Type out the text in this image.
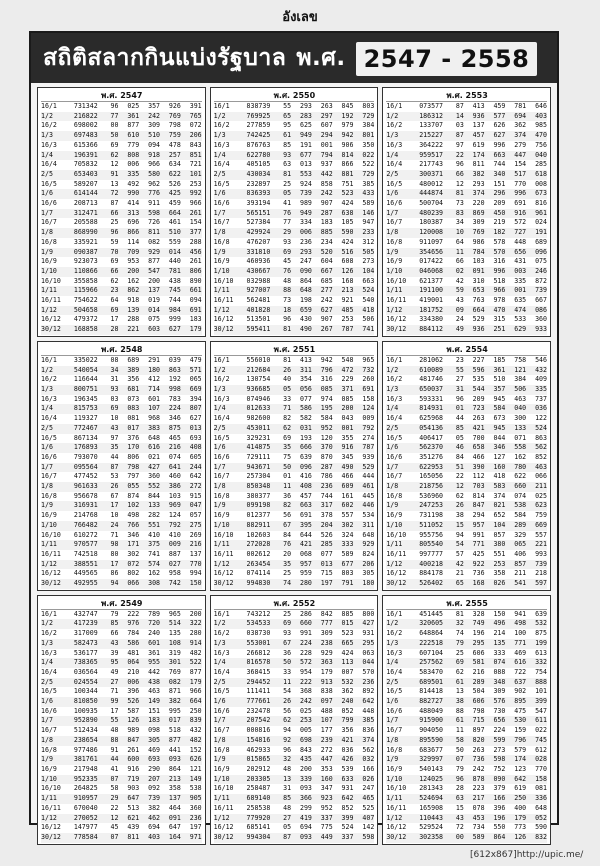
อังเลข
สถิติสลากกินแบ่งรัฐบาล พ.ศ. 2547 - 2558
พ.ศ. 2547
16/1	731342	96	025	357	926	391
1/2	216822	77	361	242	769	765
16/2	698002	00	877	309	798	072
1/3	697483	50	610	510	759	206
16/3	615366	69	779	094	478	843
1/4	196391	62	808	918	257	851
16/4	705832	12	006	966	634	721
2/5	653403	91	335	580	622	101
16/5	589207	13	492	962	526	253
1/6	614144	72	990	776	425	992
16/6	208713	87	414	911	459	966
1/7	312471	66	313	598	664	261
16/7	205588	25	696	726	461	154
1/8	868990	96	866	811	510	377
16/8	335921	59	114	082	559	288
1/9	090387	70	709	929	014	456
16/9	923073	69	953	877	440	261
1/10	110866	66	200	547	781	806
16/10	355858	62	162	200	438	890
1/11	115966	23	862	137	745	661
16/11	754622	64	918	019	744	094
1/12	504658	69	139	014	984	691
16/12	479372	17	288	075	999	183
30/12	168858	28	221	603	627	179
พ.ศ. 2550
16/1	838739	55	293	263	845	803
1/2	769925	65	283	297	192	729
16/2	277859	95	625	607	979	384
1/3	742425	61	949	294	942	801
16/3	876763	85	191	001	906	350
1/4	622780	93	677	794	814	022
16/4	405105	63	013	937	866	522
2/5	430034	81	553	442	881	729
16/5	232897	25	924	858	751	385
1/6	836393	05	739	242	523	433
16/6	393194	41	989	907	424	589
1/7	565151	76	949	287	638	146
16/7	527384	77	334	183	105	947
1/8	429924	29	006	885	590	233
16/8	476207	93	236	234	424	312
1/9	331810	69	293	520	516	505
16/9	460936	45	247	604	608	273
1/10	430667	76	090	667	126	104
16/10	032988	48	864	685	168	663
1/11	927007	88	648	277	213	524
16/11	562481	73	198	242	921	540
1/12	401828	18	659	627	485	418
16/12	513501	96	430	907	253	506
30/12	595411	81	490	267	787	741
พ.ศ. 2553
16/1	073577	87	413	459	781	646
1/2	186312	14	936	577	694	403
16/2	133707	03	137	626	362	985
1/3	215227	87	457	627	374	470
16/3	364222	97	619	996	279	756
1/4	959517	22	174	663	447	040
16/4	217743	96	811	744	154	285
2/5	300371	66	382	340	517	618
16/5	480012	12	293	151	770	008
1/6	444874	81	374	296	996	673
16/6	500704	73	220	209	691	816
1/7	480239	83	869	450	916	961
16/7	180387	34	309	219	572	024
1/8	120008	10	769	182	727	191
16/8	911097	64	986	578	448	689
1/9	354656	11	784	570	656	096
16/9	017422	66	103	316	431	075
1/10	046068	02	091	996	003	246
16/10	621377	42	310	518	335	872
1/11	191100	59	653	966	001	739
16/11	419001	43	763	978	635	667
1/12	181752	09	664	470	474	086
16/12	334380	24	529	315	533	360
30/12	884112	49	936	251	629	933
พ.ศ. 2548
16/1	335022	08	689	291	039	479
1/2	540054	34	389	180	863	571
16/2	116644	31	356	412	192	065
1/3	800751	93	681	714	998	669
16/3	196345	03	073	601	783	394
1/4	815753	69	083	107	224	807
16/4	119327	10	081	968	346	627
2/5	772467	43	017	383	875	013
16/5	867134	97	376	648	465	693
1/6	176893	35	170	616	216	408
16/6	793070	44	806	021	074	605
1/7	095564	87	798	427	641	244
16/7	477452	53	797	360	460	642
1/8	961633	26	055	552	386	272
16/8	956678	67	874	844	103	915
1/9	316931	17	102	133	969	047
16/9	214768	10	498	282	124	057
1/10	766482	24	766	551	792	275
16/10	610272	71	346	410	410	269
1/11	970577	98	171	375	009	216
16/11	742518	80	302	741	887	137
1/12	388551	17	072	574	027	770
16/12	449565	86	802	162	958	994
30/12	492955	94	066	308	742	150
พ.ศ. 2551
16/1	556010	81	413	942	548	965
1/2	212684	26	311	796	472	732
16/2	130754	40	354	316	229	260
1/3	936685	05	056	085	371	691
16/3	074946	33	077	974	085	158
1/4	012633	71	586	195	200	124
16/4	982600	82	582	584	043	009
2/5	453011	62	031	952	001	792
16/5	329231	69	193	120	355	274
1/6	414875	35	666	370	916	787
16/6	729111	75	639	870	345	939
1/7	943671	50	096	287	490	529
16/7	257304	01	416	786	466	444
1/8	850348	11	408	236	609	461
16/8	380377	36	457	744	161	445
1/9	099198	82	663	317	602	446
16/9	012377	56	691	378	557	534
1/10	882911	67	395	204	302	311
16/10	102603	84	644	526	324	648
1/11	272028	76	421	285	333	929
16/11	002612	20	068	077	589	824
1/12	263454	35	957	013	677	206
16/12	074114	25	959	715	803	305
30/12	994830	74	280	197	791	180
พ.ศ. 2554
16/1	281062	23	227	185	758	546
1/2	610089	55	596	361	121	432
16/2	481746	27	535	510	384	409
1/3	650037	31	544	357	506	335
16/3	593331	96	209	945	463	737
1/4	814931	01	723	584	040	036
16/4	625968	44	263	673	300	122
2/5	054136	85	421	945	133	524
16/5	406417	05	700	044	071	863
1/6	562370	46	658	346	558	562
16/6	351276	84	466	127	162	852
1/7	622953	51	390	160	780	463
16/7	165056	22	112	418	622	066
1/8	218756	12	703	583	660	211
16/8	536960	62	814	374	074	025
1/9	247253	26	847	021	538	623
16/9	731198	38	294	652	584	759
1/10	511052	15	957	104	289	669
16/10	955756	94	991	057	329	557
1/11	805540	54	771	380	065	221
16/11	997777	57	425	551	406	993
1/12	400218	42	922	253	857	739
16/12	884178	21	736	358	211	218
30/12	526402	65	168	026	541	597
พ.ศ. 2549
16/1	432747	79	222	789	965	200
1/2	417239	85	976	720	514	322
16/2	317009	66	784	240	135	280
1/3	582473	43	586	601	108	914
16/3	536177	39	481	361	319	482
1/4	738365	95	064	955	301	522
16/4	036564	49	210	442	769	877
2/5	024554	27	006	438	082	179
16/5	100344	71	396	463	871	966
1/6	810850	99	526	149	382	664
16/6	100935	17	587	151	995	250
1/7	952890	55	126	183	017	839
16/7	512434	48	989	098	518	432
1/8	238654	88	847	305	877	482
16/8	977486	91	261	469	441	152
1/9	381761	44	600	693	093	626
16/9	217948	41	916	290	864	121
1/10	952335	07	719	207	213	149
16/10	264825	58	903	092	358	538
1/11	910957	29	647	739	137	905
16/11	670040	22	513	382	464	360
1/12	270052	12	621	462	091	236
16/12	147977	45	439	694	647	197
30/12	778584	07	811	403	164	971
พ.ศ. 2552
16/1	743212	25	286	842	885	800
1/2	534533	69	660	777	015	427
16/2	038730	93	991	309	523	931
1/3	553001	67	224	238	665	295
16/3	266812	36	228	929	424	063
1/4	816578	50	572	363	113	044
16/4	368415	33	954	179	007	570
2/5	294452	11	222	913	532	236
16/5	111411	54	368	838	362	892
1/6	777661	26	242	097	240	642
16/6	232478	56	025	488	052	448
1/7	207542	62	253	107	799	385
16/7	000816	94	005	177	356	836
1/8	154816	92	698	239	421	374
16/8	462933	96	843	272	036	562
1/9	015865	32	435	447	426	032
16/9	202912	48	200	353	539	166
1/10	203305	13	339	160	633	026
16/10	258487	31	093	347	931	247
1/11	689140	85	366	923	642	465
16/11	258538	48	299	952	852	525
1/12	779920	27	419	337	399	407
16/12	685141	05	694	775	524	142
30/12	994304	87	093	449	337	598
พ.ศ. 2555
16/1	451445	81	328	150	941	639
1/2	320605	32	749	496	498	532
16/2	648864	74	196	214	100	875
1/3	222518	79	295	135	771	199
16/3	607104	25	606	333	469	613
1/4	257562	69	581	074	616	332
16/4	583470	62	216	088	722	754
2/5	689501	61	289	348	637	888
16/5	814418	13	504	309	902	101
1/6	882727	38	606	576	895	399
16/6	488049	88	798	730	475	547
1/7	915900	61	715	656	530	611
16/7	904050	11	897	224	159	022
1/8	895590	58	820	599	796	745
16/8	683677	50	263	273	579	612
1/9	329997	07	736	598	174	028
16/9	540143	79	242	752	123	770
1/10	124025	96	878	090	642	158
16/10	281343	28	223	379	619	081
1/11	524694	63	217	166	250	336
16/11	165908	15	078	396	400	648
1/12	110443	43	453	196	179	052
16/12	529524	72	734	550	773	590
30/12	302358	00	589	864	126	832
[612x867]http://upic.me/
